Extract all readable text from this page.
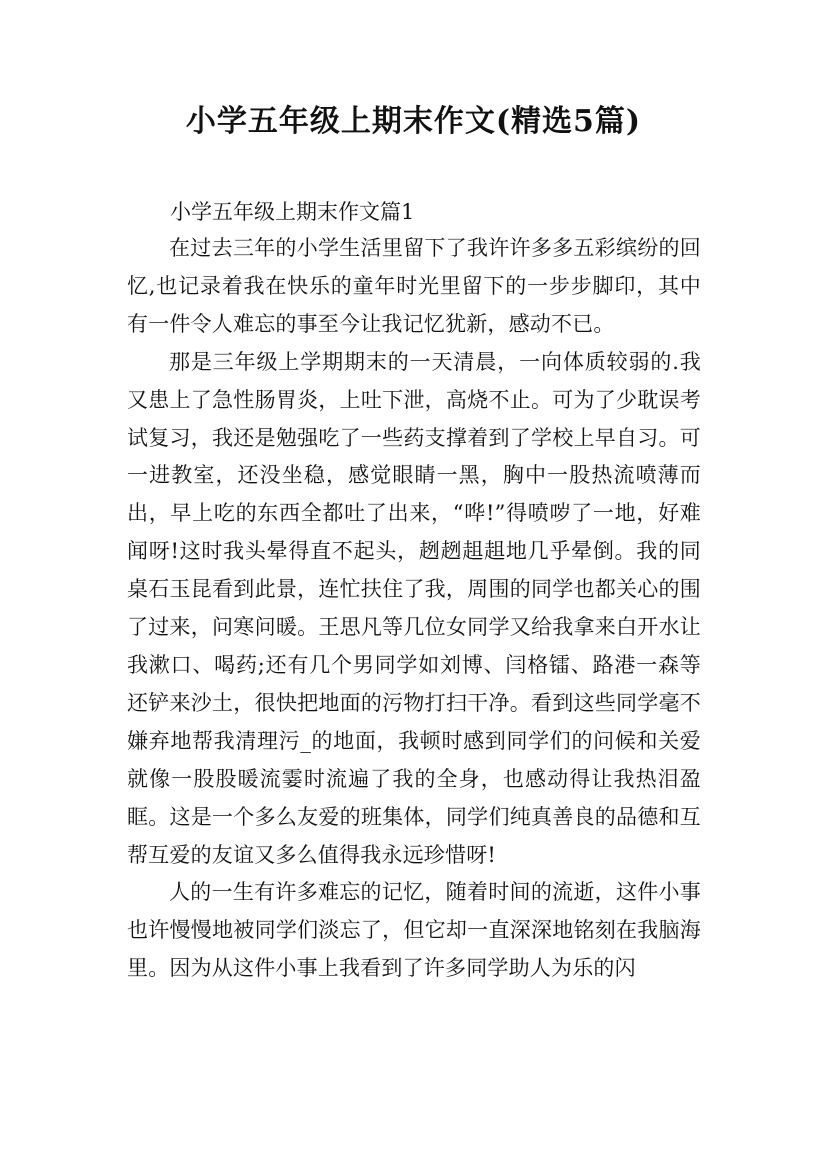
小学五年级上期末作文(精选5篇)
小学五年级上期末作文篇1

在过去三年的小学生活里留下了我许许多多五彩缤纷的回忆,也记录着我在快乐的童年时光里留下的一步步脚印，其中有一件令人难忘的事至今让我记忆犹新，感动不已。

那是三年级上学期期末的一天清晨，一向体质较弱的.我又患上了急性肠胃炎，上吐下泄，高烧不止。可为了少耽误考试复习，我还是勉强吃了一些药支撑着到了学校上早自习。可一进教室，还没坐稳，感觉眼睛一黑，胸中一股热流喷薄而出，早上吃的东西全都吐了出来，“哗!”得喷哕了一地，好难闻呀!这时我头晕得直不起头，趔趔趄趄地几乎晕倒。我的同桌石玉昆看到此景，连忙扶住了我，周围的同学也都关心的围了过来，问寒问暖。王思凡等几位女同学又给我拿来白开水让我漱口、喝药;还有几个男同学如刘博、闫格镭、路港一森等还铲来沙土，很快把地面的污物打扫干净。看到这些同学毫不嫌弃地帮我清理污_的地面，我顿时感到同学们的问候和关爱就像一股股暖流霎时流遍了我的全身，也感动得让我热泪盈眶。这是一个多么友爱的班集体，同学们纯真善良的品德和互帮互爱的友谊又多么值得我永远珍惜呀!

人的一生有许多难忘的记忆，随着时间的流逝，这件小事也许慢慢地被同学们淡忘了，但它却一直深深地铭刻在我脑海里。因为从这件小事上我看到了许多同学助人为乐的闪
